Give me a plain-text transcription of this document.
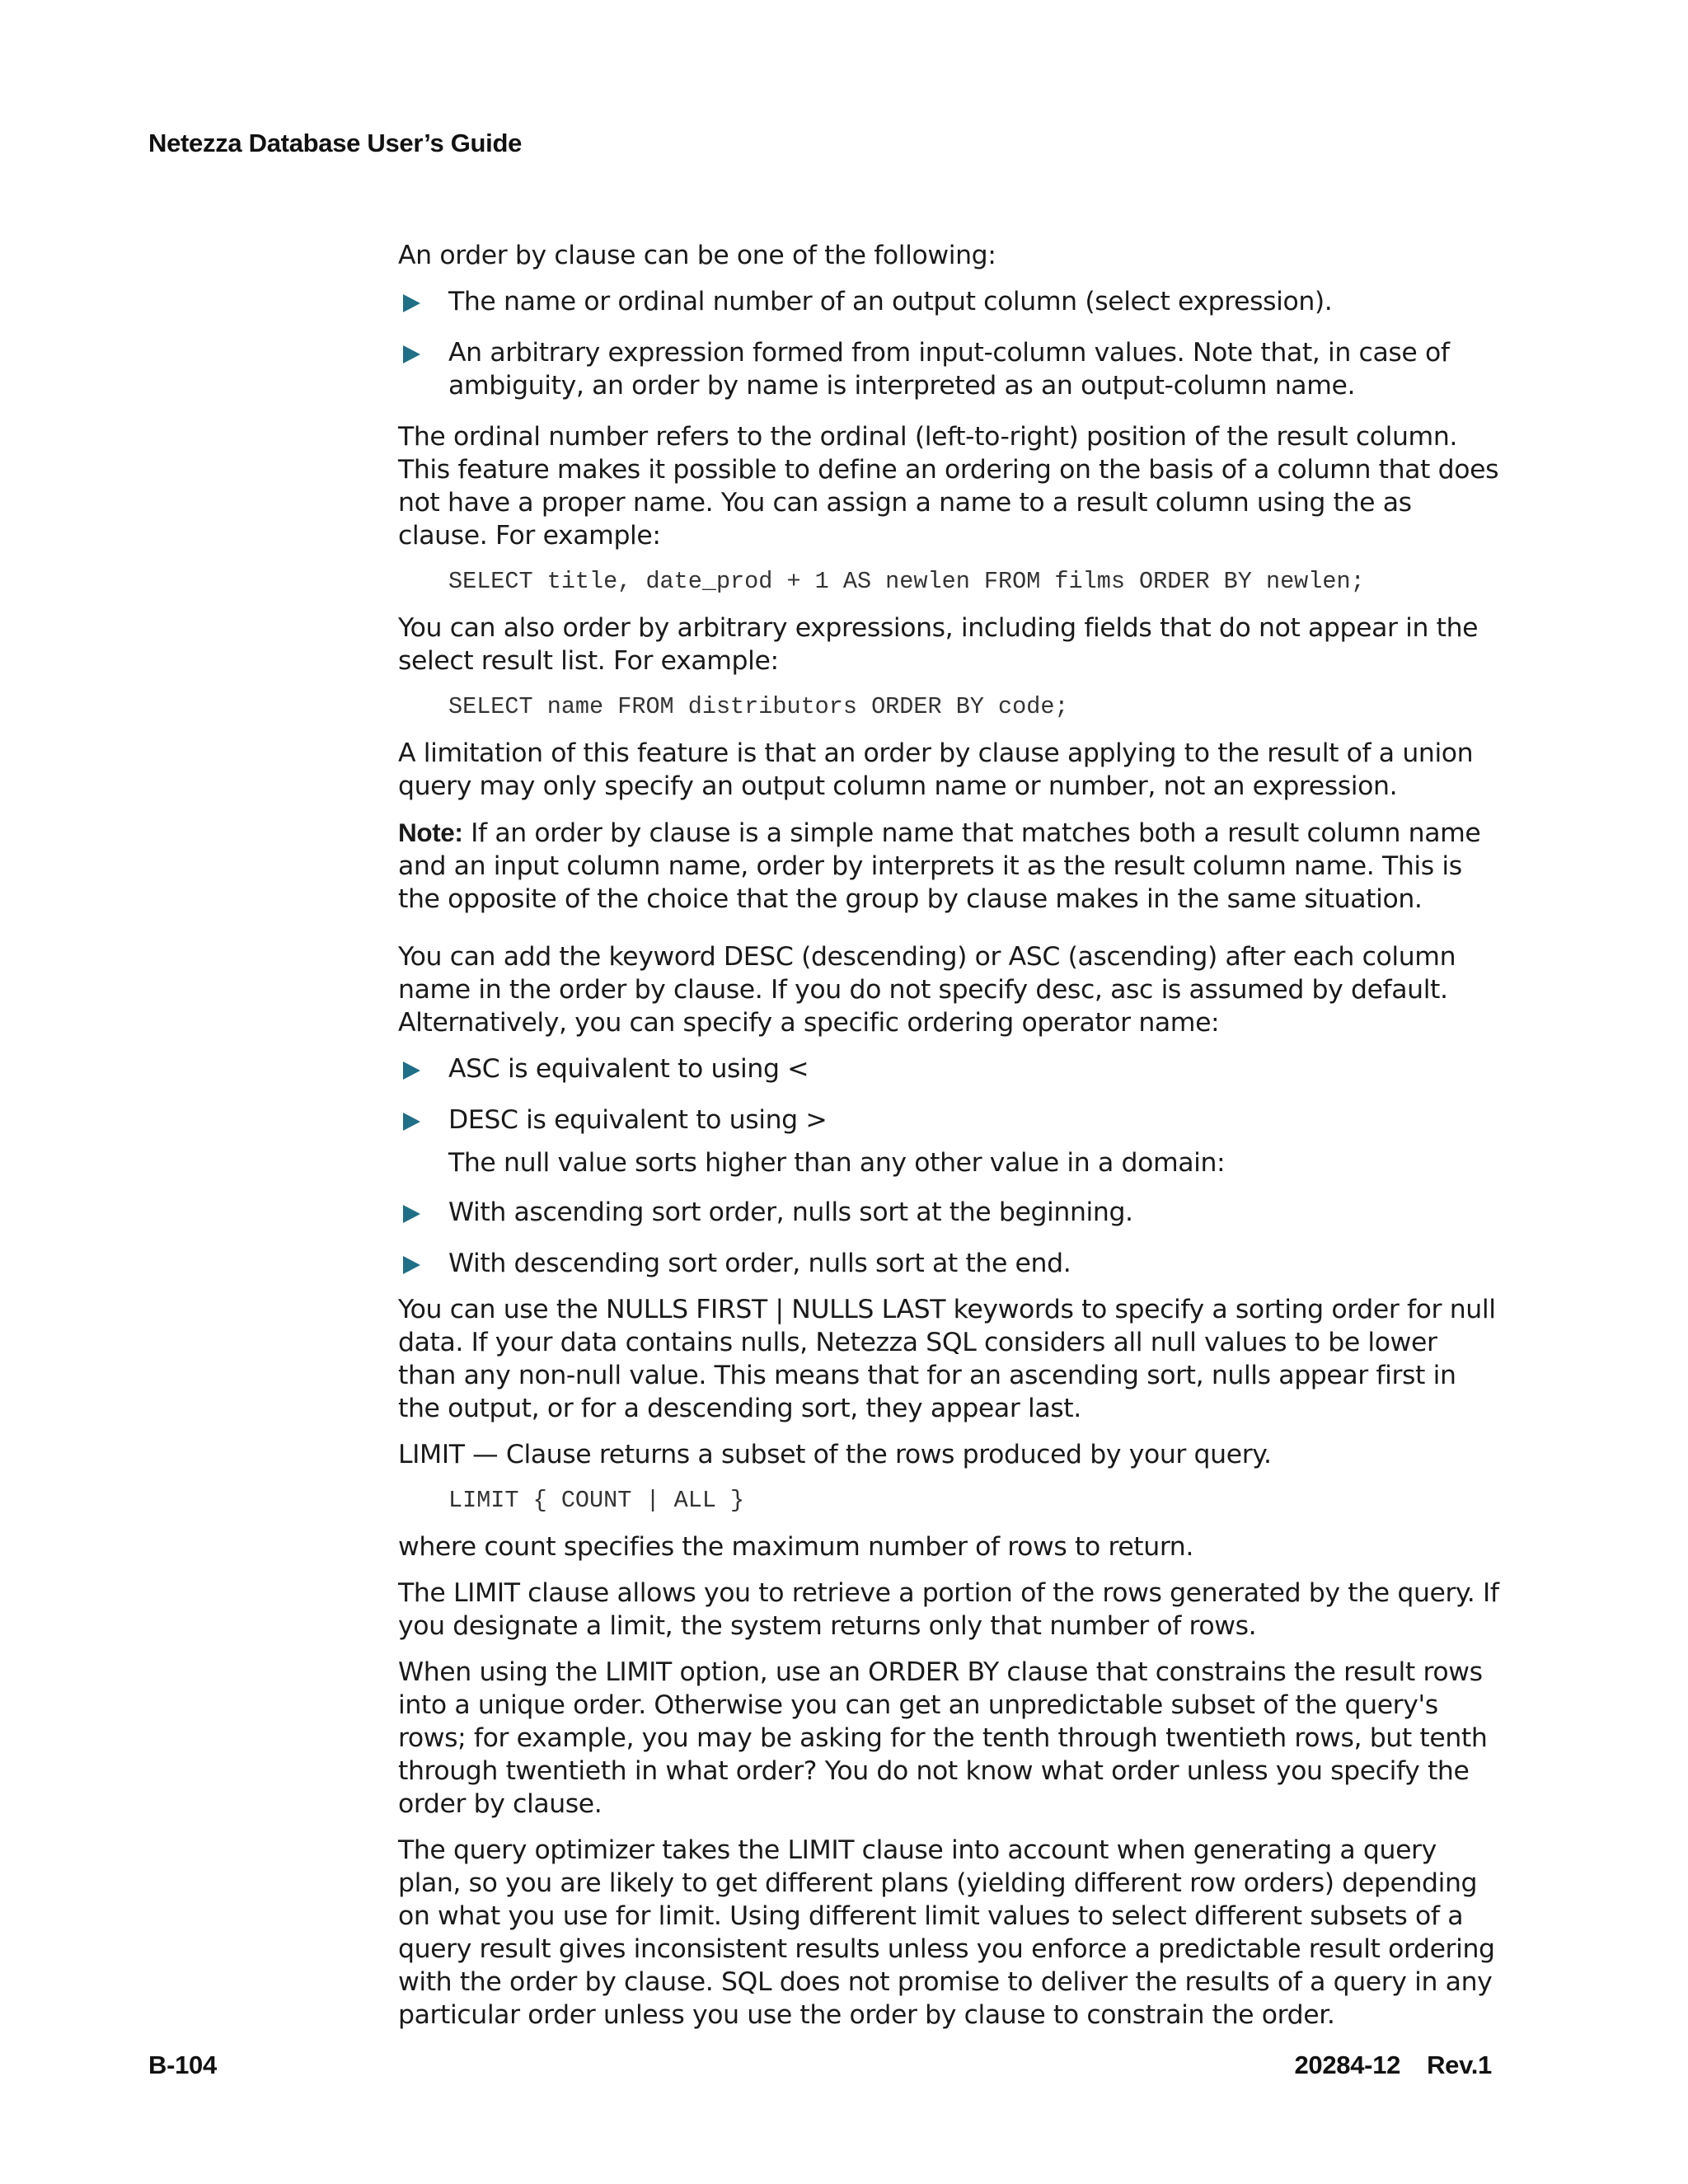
Netezza Database User’s Guide

An order by clause can be one of the following:

The name or ordinal number of an output column (select expression).
An arbitrary expression formed from input-column values. Note that, in case of ambiguity, an order by name is interpreted as an output-column name.

The ordinal number refers to the ordinal (left-to-right) position of the result column. This feature makes it possible to define an ordering on the basis of a column that does not have a proper name. You can assign a name to a result column using the as clause. For example:

SELECT title, date_prod + 1 AS newlen FROM films ORDER BY newlen;

You can also order by arbitrary expressions, including fields that do not appear in the select result list. For example:

SELECT name FROM distributors ORDER BY code;

A limitation of this feature is that an order by clause applying to the result of a union query may only specify an output column name or number, not an expression.

Note: If an order by clause is a simple name that matches both a result column name and an input column name, order by interprets it as the result column name. This is the opposite of the choice that the group by clause makes in the same situation.

You can add the keyword DESC (descending) or ASC (ascending) after each column name in the order by clause. If you do not specify desc, asc is assumed by default. Alternatively, you can specify a specific ordering operator name:

ASC is equivalent to using <
DESC is equivalent to using >

The null value sorts higher than any other value in a domain:

With ascending sort order, nulls sort at the beginning.
With descending sort order, nulls sort at the end.

You can use the NULLS FIRST | NULLS LAST keywords to specify a sorting order for null data. If your data contains nulls, Netezza SQL considers all null values to be lower than any non-null value. This means that for an ascending sort, nulls appear first in the output, or for a descending sort, they appear last.

LIMIT — Clause returns a subset of the rows produced by your query.

LIMIT { COUNT | ALL }

where count specifies the maximum number of rows to return.

The LIMIT clause allows you to retrieve a portion of the rows generated by the query. If you designate a limit, the system returns only that number of rows.

When using the LIMIT option, use an ORDER BY clause that constrains the result rows into a unique order. Otherwise you can get an unpredictable subset of the query's rows; for example, you may be asking for the tenth through twentieth rows, but tenth through twentieth in what order? You do not know what order unless you specify the order by clause.

The query optimizer takes the LIMIT clause into account when generating a query plan, so you are likely to get different plans (yielding different row orders) depending on what you use for limit. Using different limit values to select different subsets of a query result gives inconsistent results unless you enforce a predictable result ordering with the order by clause. SQL does not promise to deliver the results of a query in any particular order unless you use the order by clause to constrain the order.

B-104	20284-12 Rev.1
